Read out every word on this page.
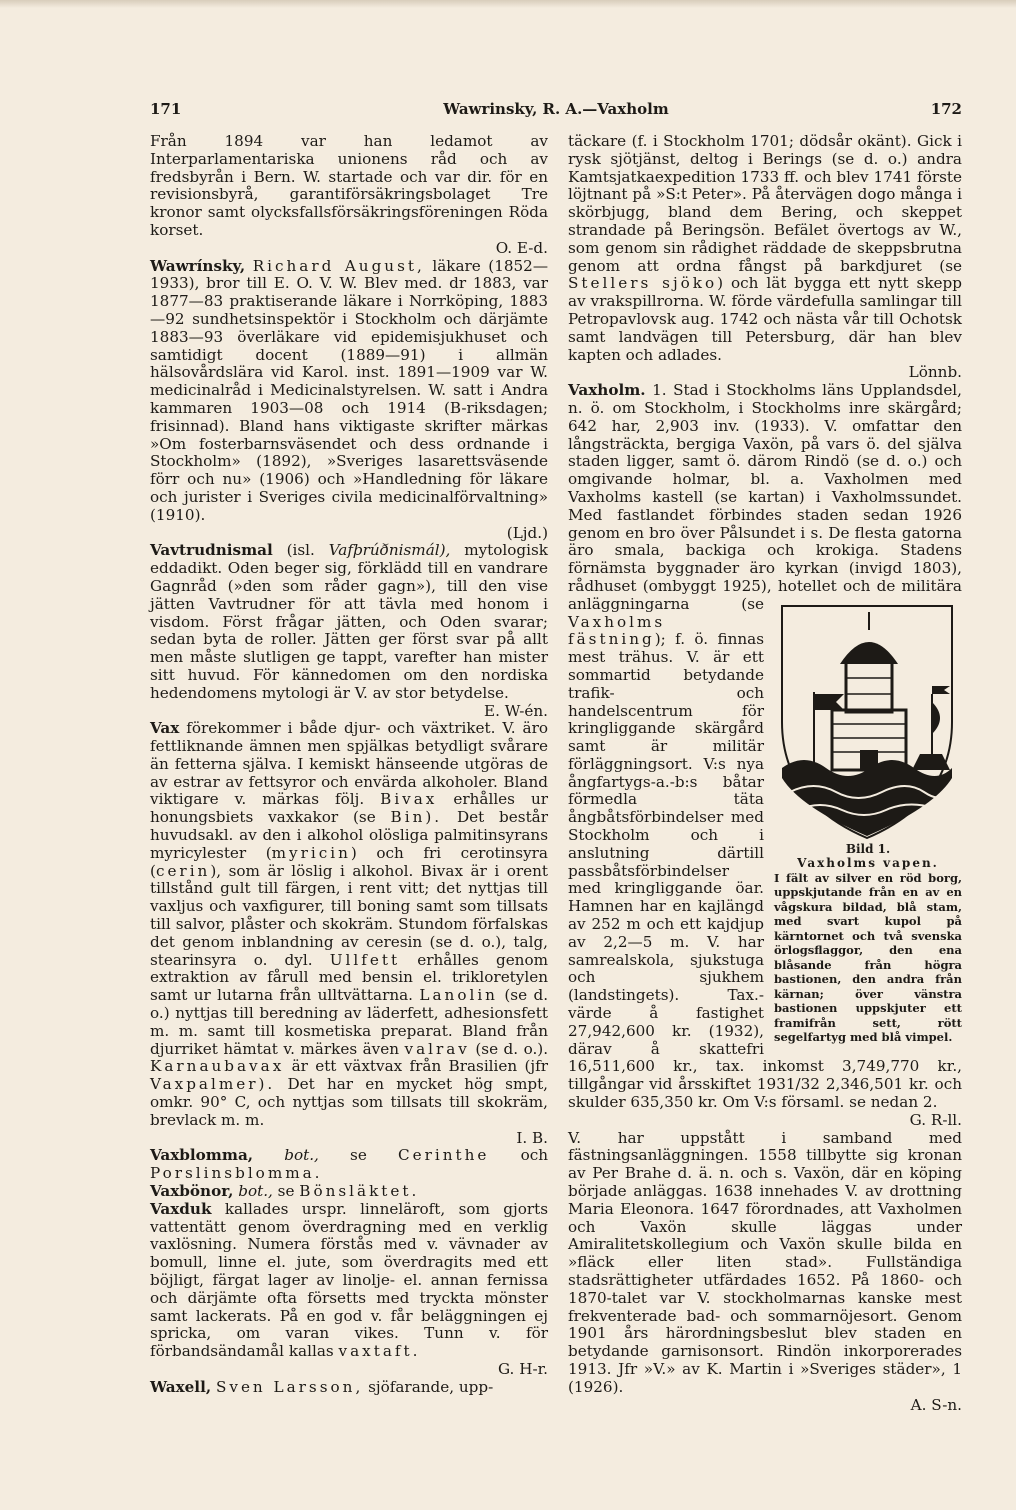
171	Wawrinsky, R. A.—Vaxholm	172

Från 1894 var han ledamot av Interparlamentariska unionens råd och av fredsbyrån i Bern. W. startade och var dir. för en revisionsbyrå, garantiförsäkringsbolaget Tre kronor samt olycksfallsförsäkringsföreningen Röda korset.
O. E-d.

Wawrínsky, Richard August, läkare (1852—1933), bror till E. O. V. W. Blev med. dr 1883, var 1877—83 praktiserande läkare i Norrköping, 1883—92 sundhetsinspektör i Stockholm och därjämte 1883—93 överläkare vid epidemisjukhuset och samtidigt docent (1889—91) i allmän hälsovårdslära vid Karol. inst. 1891—1909 var W. medicinalråd i Medicinalstyrelsen. W. satt i Andra kammaren 1903—08 och 1914 (B-riksdagen; frisinnad). Bland hans viktigaste skrifter märkas »Om fosterbarnsväsendet och dess ordnande i Stockholm» (1892), »Sveriges lasarettsväsende förr och nu» (1906) och »Handledning för läkare och jurister i Sveriges civila medicinalförvaltning» (1910).
(Ljd.)

Vavtrudnismal (isl. Vafþrúðnismál), mytologisk eddadikt. Oden beger sig, förklädd till en vandrare Gagnråd (»den som råder gagn»), till den vise jätten Vavtrudner för att tävla med honom i visdom. Först frågar jätten, och Oden svarar; sedan byta de roller. Jätten ger först svar på allt men måste slutligen ge tappt, varefter han mister sitt huvud. För kännedomen om den nordiska hedendomens mytologi är V. av stor betydelse.
E. W-én.

Vax förekommer i både djur- och växtriket. V. äro fettliknande ämnen men spjälkas betydligt svårare än fetterna själva. I kemiskt hänseende utgöras de av estrar av fettsyror och envärda alkoholer. Bland viktigare v. märkas följ. Bivax erhålles ur honungsbiets vaxkakor (se Bin). Det består huvudsakl. av den i alkohol olösliga palmitinsyrans myricylester (myricin) och fri cerotinsyra (cerin), som är löslig i alkohol. Bivax är i orent tillstånd gult till färgen, i rent vitt; det nyttjas till vaxljus och vaxfigurer, till boning samt som tillsats till salvor, plåster och skokräm. Stundom förfalskas det genom inblandning av ceresin (se d. o.), talg, stearinsyra o. dyl. Ullfett erhålles genom extraktion av fårull med bensin el. trikloretylen samt ur lutarna från ulltvättarna. Lanolin (se d. o.) nyttjas till beredning av läderfett, adhesionsfett m. m. samt till kosmetiska preparat. Bland från djurriket hämtat v. märkes även valrav (se d. o.). Karnaubavax är ett växtvax från Brasilien (jfr Vaxpalmer). Det har en mycket hög smpt, omkr. 90° C, och nyttjas som tillsats till skokräm, brevlack m. m.
I. B.

Vaxblomma, bot., se Cerinthe och Porslinsblomma.

Vaxbönor, bot., se Bönsläktet.

Vaxduk kallades urspr. linneläroft, som gjorts vattentätt genom överdragning med en verklig vaxlösning. Numera förstås med v. vävnader av bomull, linne el. jute, som överdragits med ett böjligt, färgat lager av linolje- el. annan fernissa och därjämte ofta försetts med tryckta mönster samt lackerats. På en god v. får beläggningen ej spricka, om varan vikes. Tunn v. för förbandsändamål kallas vaxtaft.
G. H-r.

Waxell, Sven Larsson, sjöfarande, upp-

täckare (f. i Stockholm 1701; dödsår okänt). Gick i rysk sjötjänst, deltog i Berings (se d. o.) andra Kamtsjatkaexpedition 1733 ff. och blev 1741 förste löjtnant på »S:t Peter». På återvägen dogo många i skörbjugg, bland dem Bering, och skeppet strandade på Beringsön. Befälet övertogs av W., som genom sin rådighet räddade de skeppsbrutna genom att ordna fångst på barkdjuret (se Stellers sjöko) och lät bygga ett nytt skepp av vrakspillrorna. W. förde värdefulla samlingar till Petropavlovsk aug. 1742 och nästa vår till Ochotsk samt landvägen till Petersburg, där han blev kapten och adlades.
Lönnb.

Vaxholm. 1. Stad i Stockholms läns Upplandsdel, n. ö. om Stockholm, i Stockholms inre skärgård; 642 har, 2,903 inv. (1933). V. omfattar den långsträckta, bergiga Vaxön, på vars ö. del själva staden ligger, samt ö. därom Rindö (se d. o.) och omgivande holmar, bl. a. Vaxholmen med Vaxholms kastell (se kartan) i Vaxholmssundet. Med fastlandet förbindes staden sedan 1926 genom en bro över Pålsundet i s. De flesta gatorna äro smala, backiga och krokiga. Stadens förnämsta byggnader äro kyrkan (invigd 1803), rådhuset (ombyggt 1925), hotellet och de militära anläggningarna (se
Bild 1.
Vaxholms vapen.
I fält av silver en röd borg, uppskjutande från en av en vågskura bildad, blå stam, med svart kupol på kärntornet och två svenska örlogsflaggor, den ena blåsande från högra bastionen, den andra från kärnan; över vänstra bastionen uppskjuter ett framifrån sett, rött segelfartyg med blå vimpel.
Vaxholms fästning); f. ö. finnas mest trähus. V. är ett sommartid betydande trafik- och handelscentrum för kringliggande skärgård samt är militär förläggningsort. V:s nya ångfartygs-a.-b:s båtar förmedla täta ångbåtsförbindelser med Stockholm och i anslutning därtill passbåtsförbindelser med kringliggande öar. Hamnen har en kajlängd av 252 m och ett kajdjup av 2,2—5 m. V. har samrealskola, sjukstuga och sjukhem (landstingets). Tax.-värde å fastighet 27,942,600 kr. (1932), därav å skattefri 16,511,600 kr., tax. inkomst 3,749,770 kr., tillgångar vid årsskiftet 1931/32 2,346,501 kr. och skulder 635,350 kr. Om V:s församl. se nedan 2.
G. R-ll.

V. har uppstått i samband med fästningsanläggningen. 1558 tillbytte sig kronan av Per Brahe d. ä. n. och s. Vaxön, där en köping började anläggas. 1638 innehades V. av drottning Maria Eleonora. 1647 förordnades, att Vaxholmen och Vaxön skulle läggas under Amiralitetskollegium och Vaxön skulle bilda en »fläck eller liten stad». Fullständiga stadsrättigheter utfärdades 1652. På 1860- och 1870-talet var V. stockholmarnas kanske mest frekventerade bad- och sommarnöjesort. Genom 1901 års härordningsbeslut blev staden en betydande garnisonsort. Rindön inkorporerades 1913. Jfr »V.» av K. Martin i »Sveriges städer», 1 (1926).
A. S-n.
